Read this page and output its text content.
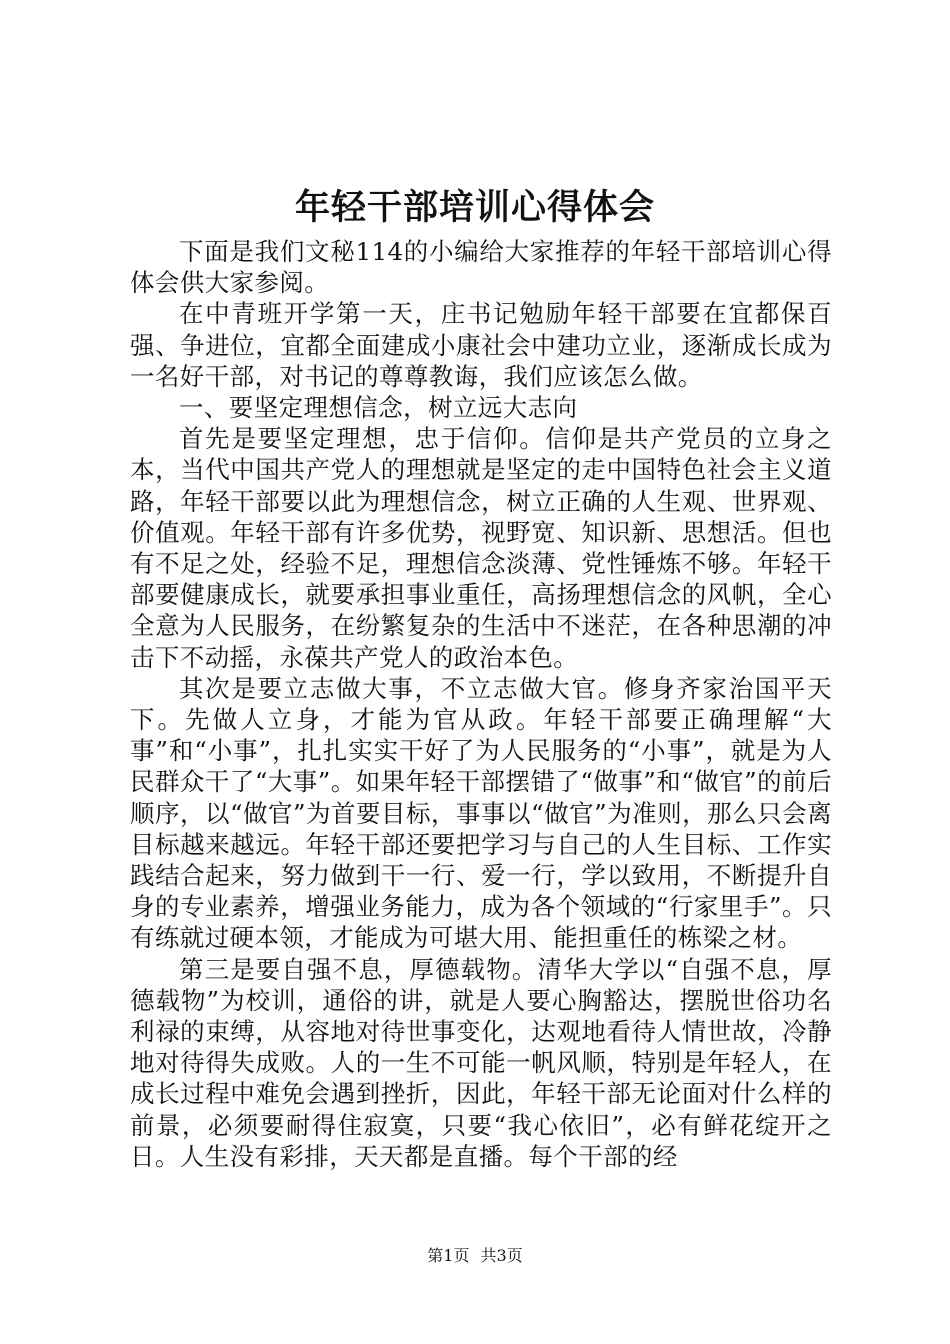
年轻干部培训心得体会

下面是我们文秘114的小编给大家推荐的年轻干部培训心得体会供大家参阅。

在中青班开学第一天，庄书记勉励年轻干部要在宜都保百强、争进位，宜都全面建成小康社会中建功立业，逐渐成长成为一名好干部，对书记的尊尊教诲，我们应该怎么做。

一、要坚定理想信念，树立远大志向

首先是要坚定理想，忠于信仰。信仰是共产党员的立身之本，当代中国共产党人的理想就是坚定的走中国特色社会主义道路，年轻干部要以此为理想信念，树立正确的人生观、世界观、价值观。年轻干部有许多优势，视野宽、知识新、思想活。但也有不足之处，经验不足，理想信念淡薄、党性锤炼不够。年轻干部要健康成长，就要承担事业重任，高扬理想信念的风帆，全心全意为人民服务，在纷繁复杂的生活中不迷茫，在各种思潮的冲击下不动摇，永葆共产党人的政治本色。

其次是要立志做大事，不立志做大官。修身齐家治国平天下。先做人立身，才能为官从政。年轻干部要正确理解“大事”和“小事”，扎扎实实干好了为人民服务的“小事”，就是为人民群众干了“大事”。如果年轻干部摆错了“做事”和“做官”的前后顺序，以“做官”为首要目标，事事以“做官”为准则，那么只会离目标越来越远。年轻干部还要把学习与自己的人生目标、工作实践结合起来，努力做到干一行、爱一行，学以致用，不断提升自身的专业素养，增强业务能力，成为各个领域的“行家里手”。只有练就过硬本领，才能成为可堪大用、能担重任的栋梁之材。

第三是要自强不息，厚德载物。清华大学以“自强不息，厚德载物”为校训，通俗的讲，就是人要心胸豁达，摆脱世俗功名利禄的束缚，从容地对待世事变化，达观地看待人情世故，冷静地对待得失成败。人的一生不可能一帆风顺，特别是年轻人，在成长过程中难免会遇到挫折，因此，年轻干部无论面对什么样的前景，必须要耐得住寂寞，只要“我心依旧”，必有鲜花绽开之日。人生没有彩排，天天都是直播。每个干部的经

第1页 共3页
